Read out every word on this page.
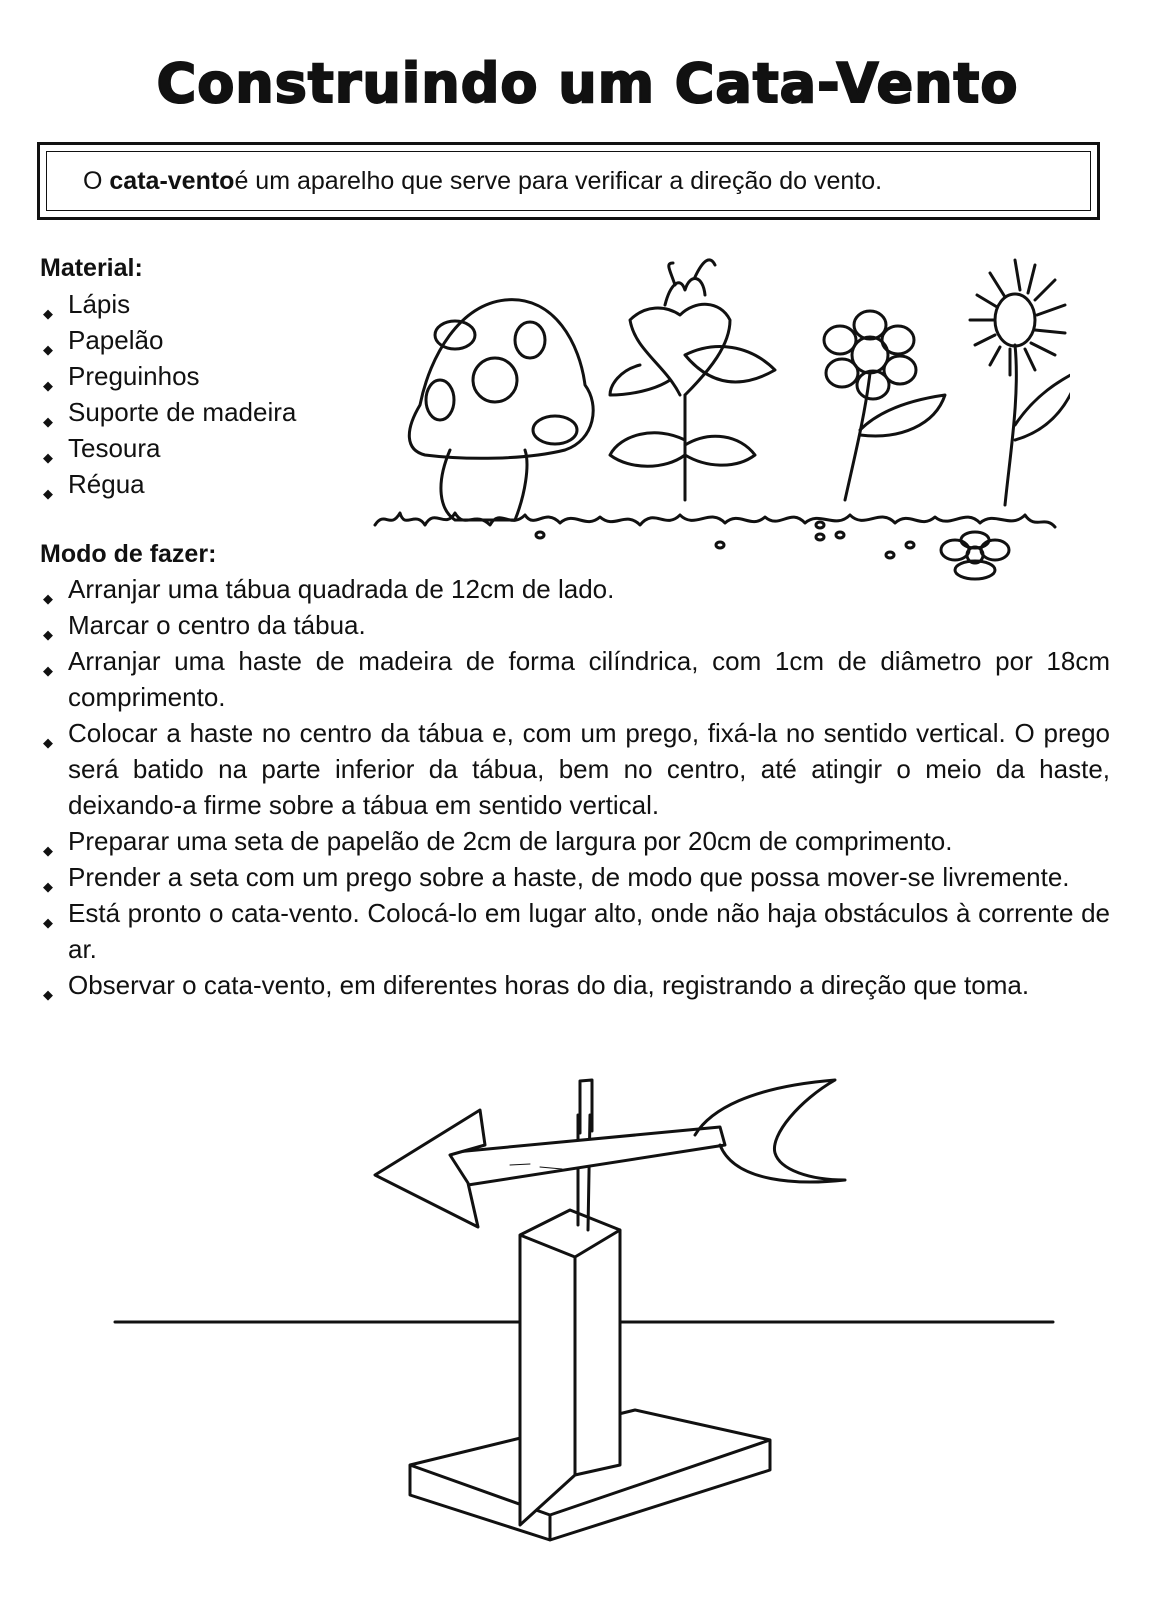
Construindo um Cata-Vento
O
cata-vento é um aparelho que serve para verificar a direção do vento.
Material:
◆ Lápis
◆ Papelão
◆ Preguinhos
◆ Suporte de madeira
◆ Tesoura
◆ Régua
Modo de fazer:
◆ Arranjar uma tábua quadrada de 12cm de lado.
◆ Marcar o centro da tábua.
◆ Arranjar uma haste de madeira de forma cilíndrica, com 1cm de diâmetro por 18cm comprimento.
◆ Colocar a haste no centro da tábua e, com um prego, fixá-la no sentido vertical. O prego será batido na parte inferior da tábua, bem no centro, até atingir o meio da haste, deixando-a firme sobre a tábua em sentido vertical.
◆ Preparar uma seta de papelão de 2cm de largura por 20cm de comprimento.
◆ Prender a seta com um prego sobre a haste, de modo que possa mover-se livremente.
◆ Está pronto o cata-vento. Colocá-lo em lugar alto, onde não haja obstáculos à corrente de ar.
◆ Observar o cata-vento, em diferentes horas do dia, registrando a direção que toma.
